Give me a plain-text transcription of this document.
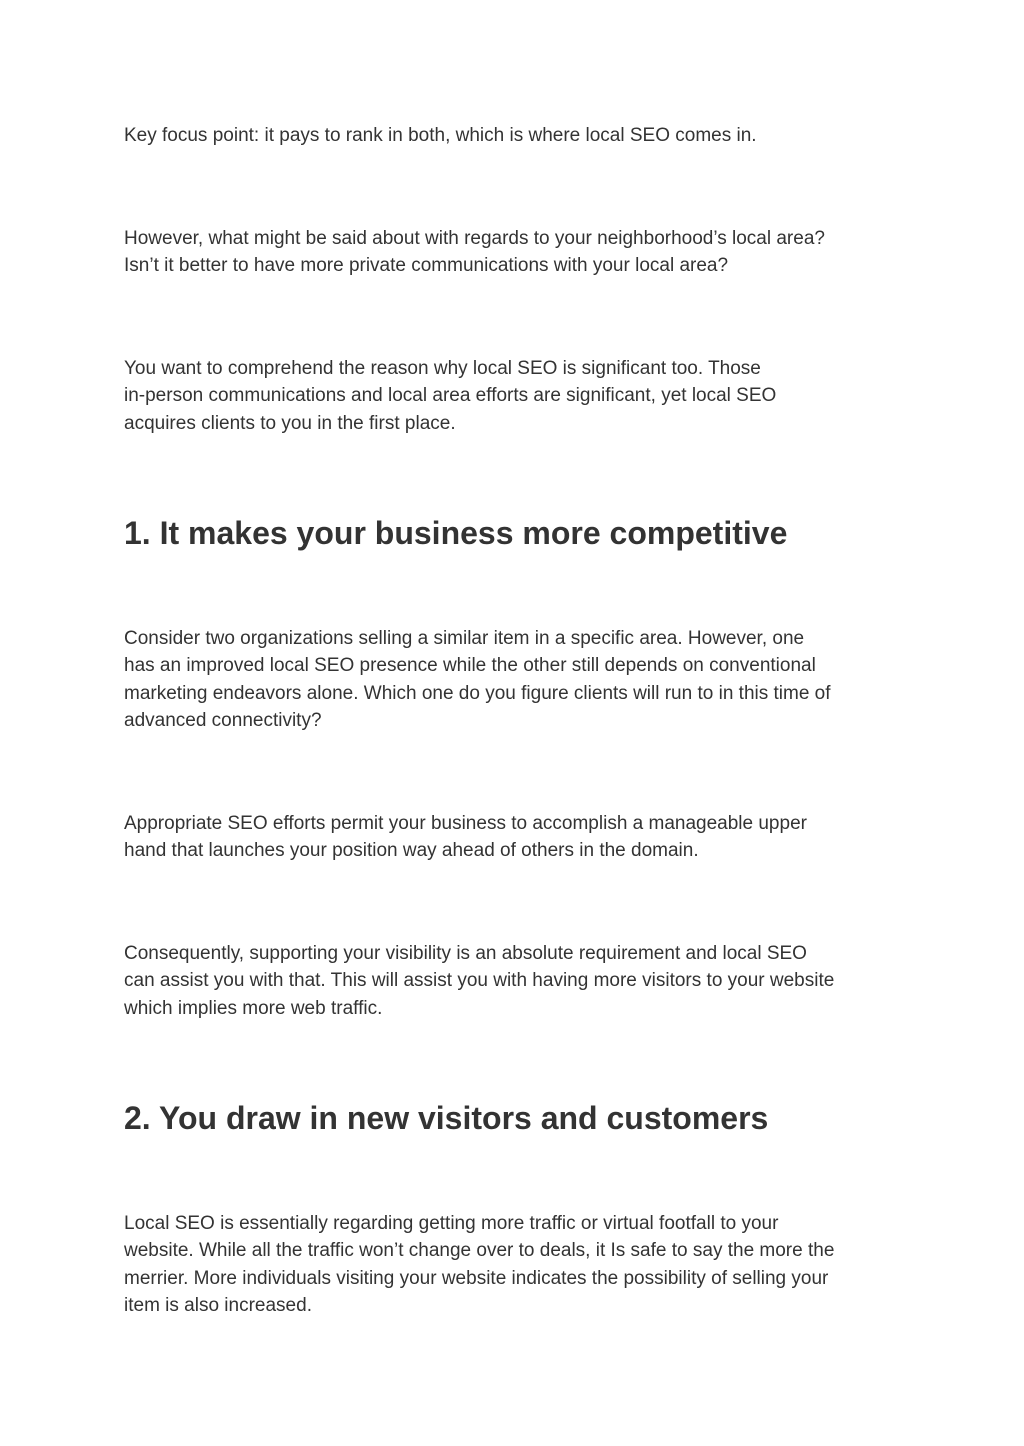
Key focus point: it pays to rank in both, which is where local SEO comes in.

However, what might be said about with regards to your neighborhood’s local area?
Isn’t it better to have more private communications with your local area?

You want to comprehend the reason why local SEO is significant too. Those
in-person communications and local area efforts are significant, yet local SEO
acquires clients to you in the first place.

1. It makes your business more competitive

Consider two organizations selling a similar item in a specific area. However, one
has an improved local SEO presence while the other still depends on conventional
marketing endeavors alone. Which one do you figure clients will run to in this time of
advanced connectivity?

Appropriate SEO efforts permit your business to accomplish a manageable upper
hand that launches your position way ahead of others in the domain.

Consequently, supporting your visibility is an absolute requirement and local SEO
can assist you with that. This will assist you with having more visitors to your website
which implies more web traffic.

2. You draw in new visitors and customers

Local SEO is essentially regarding getting more traffic or virtual footfall to your
website. While all the traffic won’t change over to deals, it Is safe to say the more the
merrier. More individuals visiting your website indicates the possibility of selling your
item is also increased.
